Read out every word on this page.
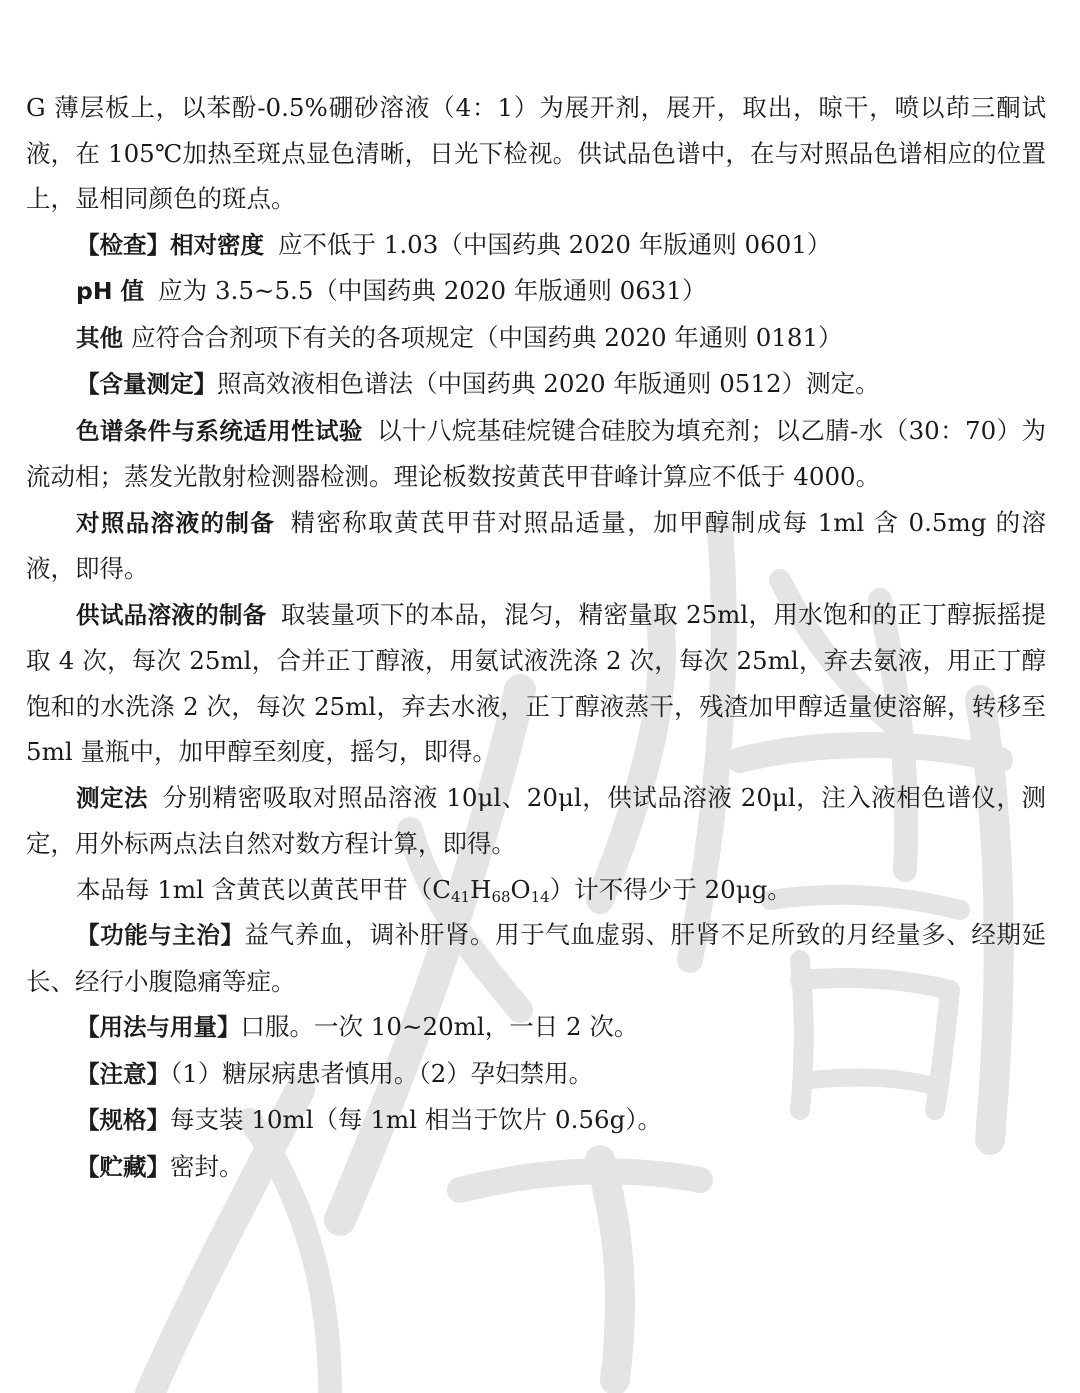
G 薄层板上，以苯酚-0.5%硼砂溶液（4：1）为展开剂，展开，取出，晾干，喷以茚三酮试液，在 105℃加热至斑点显色清晰，日光下检视。供试品色谱中，在与对照品色谱相应的位置上，显相同颜色的斑点。

【检查】相对密度 应不低于 1.03（中国药典 2020 年版通则 0601）

pH 值 应为 3.5~5.5（中国药典 2020 年版通则 0631）

其他 应符合合剂项下有关的各项规定（中国药典 2020 年通则 0181）

【含量测定】照高效液相色谱法（中国药典 2020 年版通则 0512）测定。

色谱条件与系统适用性试验 以十八烷基硅烷键合硅胶为填充剂；以乙腈-水（30：70）为流动相；蒸发光散射检测器检测。理论板数按黄芪甲苷峰计算应不低于 4000。

对照品溶液的制备 精密称取黄芪甲苷对照品适量，加甲醇制成每 1ml 含 0.5mg 的溶液，即得。

供试品溶液的制备 取装量项下的本品，混匀，精密量取 25ml，用水饱和的正丁醇振摇提取 4 次，每次 25ml，合并正丁醇液，用氨试液洗涤 2 次，每次 25ml，弃去氨液，用正丁醇饱和的水洗涤 2 次，每次 25ml，弃去水液，正丁醇液蒸干，残渣加甲醇适量使溶解，转移至 5ml 量瓶中，加甲醇至刻度，摇匀，即得。

测定法 分别精密吸取对照品溶液 10μl、20μl，供试品溶液 20μl，注入液相色谱仪，测定，用外标两点法自然对数方程计算，即得。

本品每 1ml 含黄芪以黄芪甲苷$(C_{41}H_{68}O_{14})$计不得少于 20μg。

【功能与主治】益气养血，调补肝肾。用于气血虚弱、肝肾不足所致的月经量多、经期延长、经行小腹隐痛等症。

【用法与用量】口服。一次 10~20ml，一日 2 次。

【注意】（1）糖尿病患者慎用。（2）孕妇禁用。

【规格】每支装 10ml（每 1ml 相当于饮片 0.56g）。

【贮藏】密封。
